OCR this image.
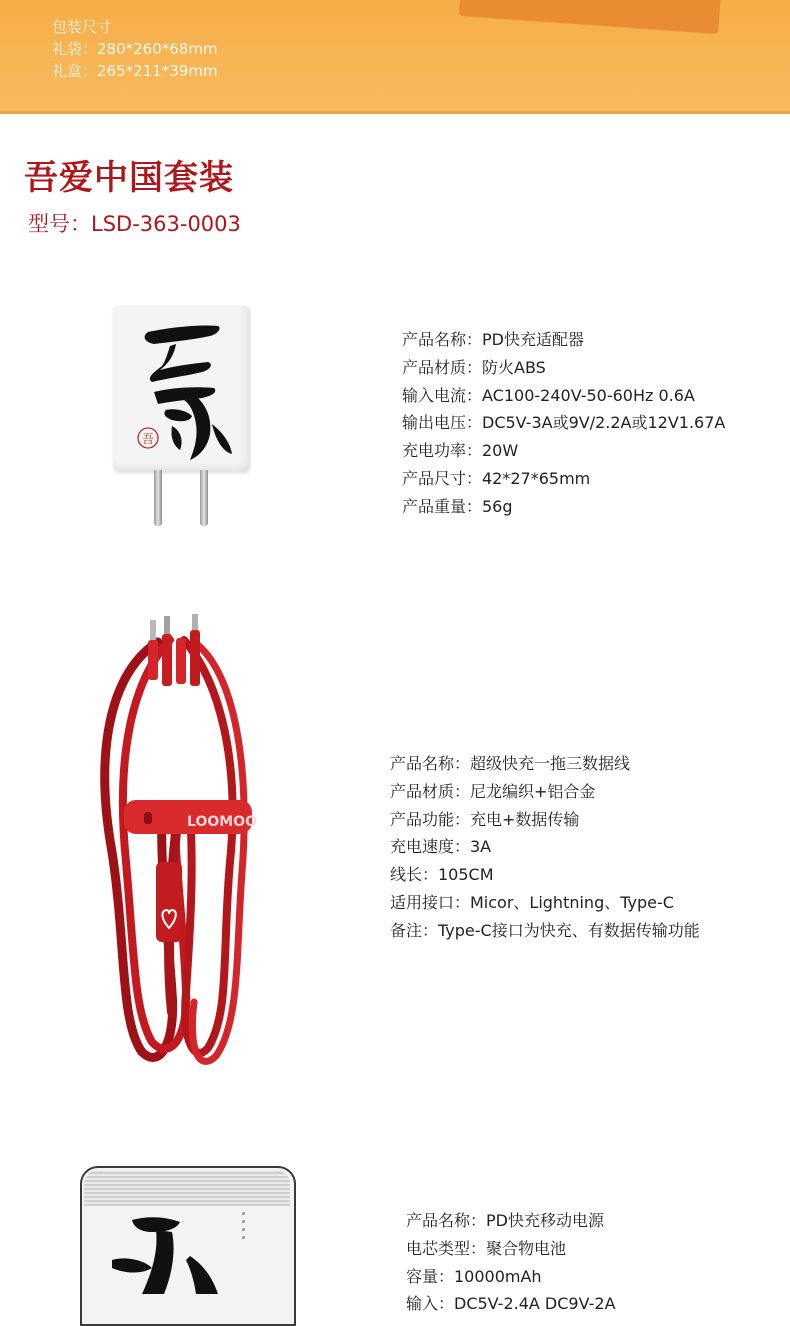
包装尺寸
礼袋：280*260*68mm
礼盒：265*211*39mm
吾爱中国套装
型号：LSD-363-0003
吾
产品名称：PD快充适配器
产品材质：防火ABS
输入电流：AC100-240V-50-60Hz 0.6A
输出电压：DC5V-3A或9V/2.2A或12V1.67A
充电功率：20W
产品尺寸：42*27*65mm
产品重量：56g
LOOMOO
产品名称：超级快充一拖三数据线
产品材质：尼龙编织+铝合金
产品功能：充电+数据传输
充电速度：3A
线长：105CM
适用接口：Micor、Lightning、Type-C
备注：Type-C接口为快充、有数据传输功能
产品名称：PD快充移动电源
电芯类型：聚合物电池
容量：10000mAh
输入：DC5V-2.4A DC9V-2A
